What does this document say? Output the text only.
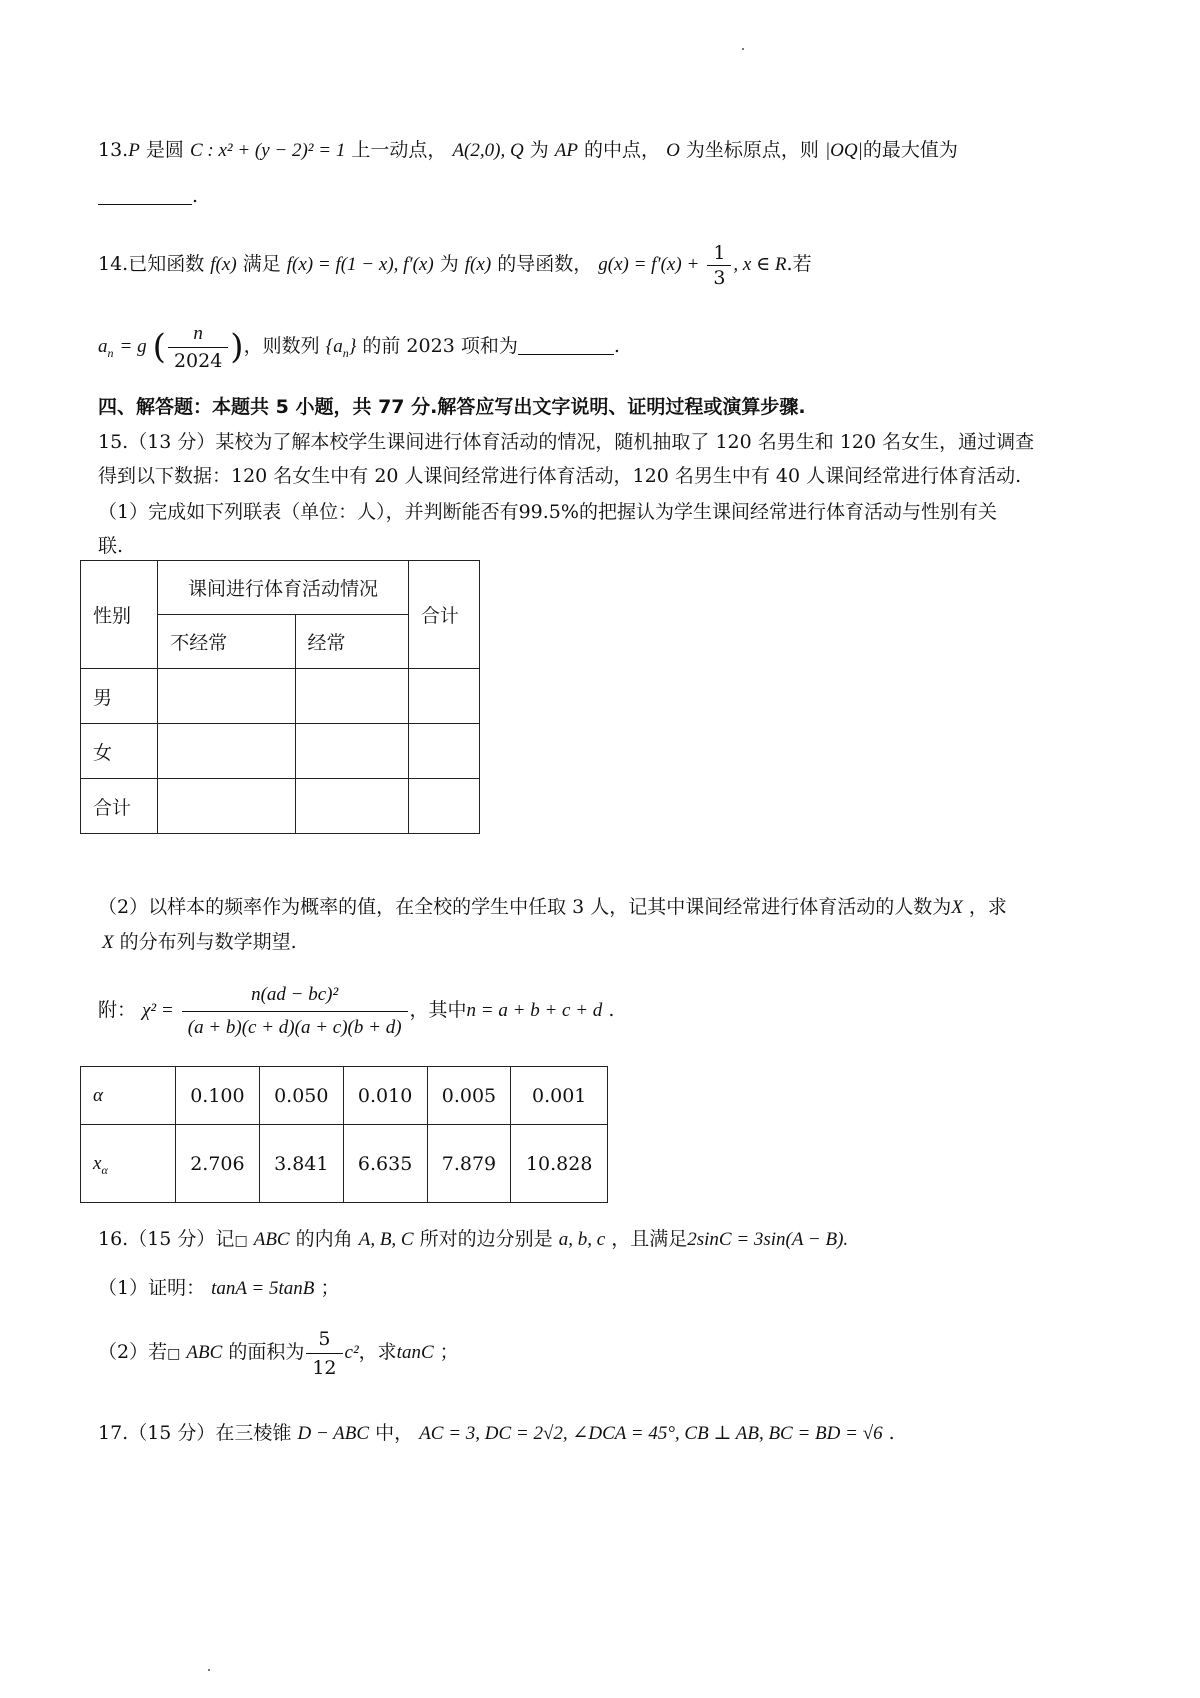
13.P 是圆 C : x² + (y − 2)² = 1 上一动点， A(2,0), Q 为 AP 的中点， O 为坐标原点，则 |OQ|的最大值为
.
14.已知函数 f(x) 满足 f(x) = f(1 − x), f′(x) 为 f(x) 的导函数， $g(x) = f'(x) + \frac{1}{3}$ , x ∈ R.若
$a_n = g$ ( $\frac{n}{2024}$ )，则数列 $\{a_n\}$ 的前 2023 项和为	.
四、解答题：本题共 5 小题，共 77 分.解答应写出文字说明、证明过程或演算步骤.
15.（13 分）某校为了解本校学生课间进行体育活动的情况，随机抽取了 120 名男生和 120 名女生，通过调查
得到以下数据：120 名女生中有 20 人课间经常进行体育活动，120 名男生中有 40 人课间经常进行体育活动.
（1）完成如下列联表（单位：人），并判断能否有99.5%的把握认为学生课间经常进行体育活动与性别有关
联.
性别	课间进行体育活动情况		合计
	不经常	经常	
男			
女			
合计			
（2）以样本的频率作为概率的值，在全校的学生中任取 3 人，记其中课间经常进行体育活动的人数为X ，求
X 的分布列与数学期望.
附： $\chi^2 = \frac{\text{n(ad − bc)²}}{(a + b)(c + d)(a + c)(b + d)}$ ，其中n = a + b + c + d .
α	0.100	0.050	0.010	0.005	0.001
$x_\alpha$	2.706	3.841	6.635	7.879	10.828
16.（15 分）记□ ABC 的内角 A, B, C 所对的边分别是 a, b, c ，且满足2sinC = 3sin(A − B).
（1）证明： tanA = 5tanB ；
（2）若□ ABC 的面积为 $\frac{5}{12} c^2$，求tanC ；
17.（15 分）在三棱锥 D − ABC 中， AC = 3, DC = 2√2, ∠DCA = 45°, CB ⊥ AB, BC = BD = √6 .
